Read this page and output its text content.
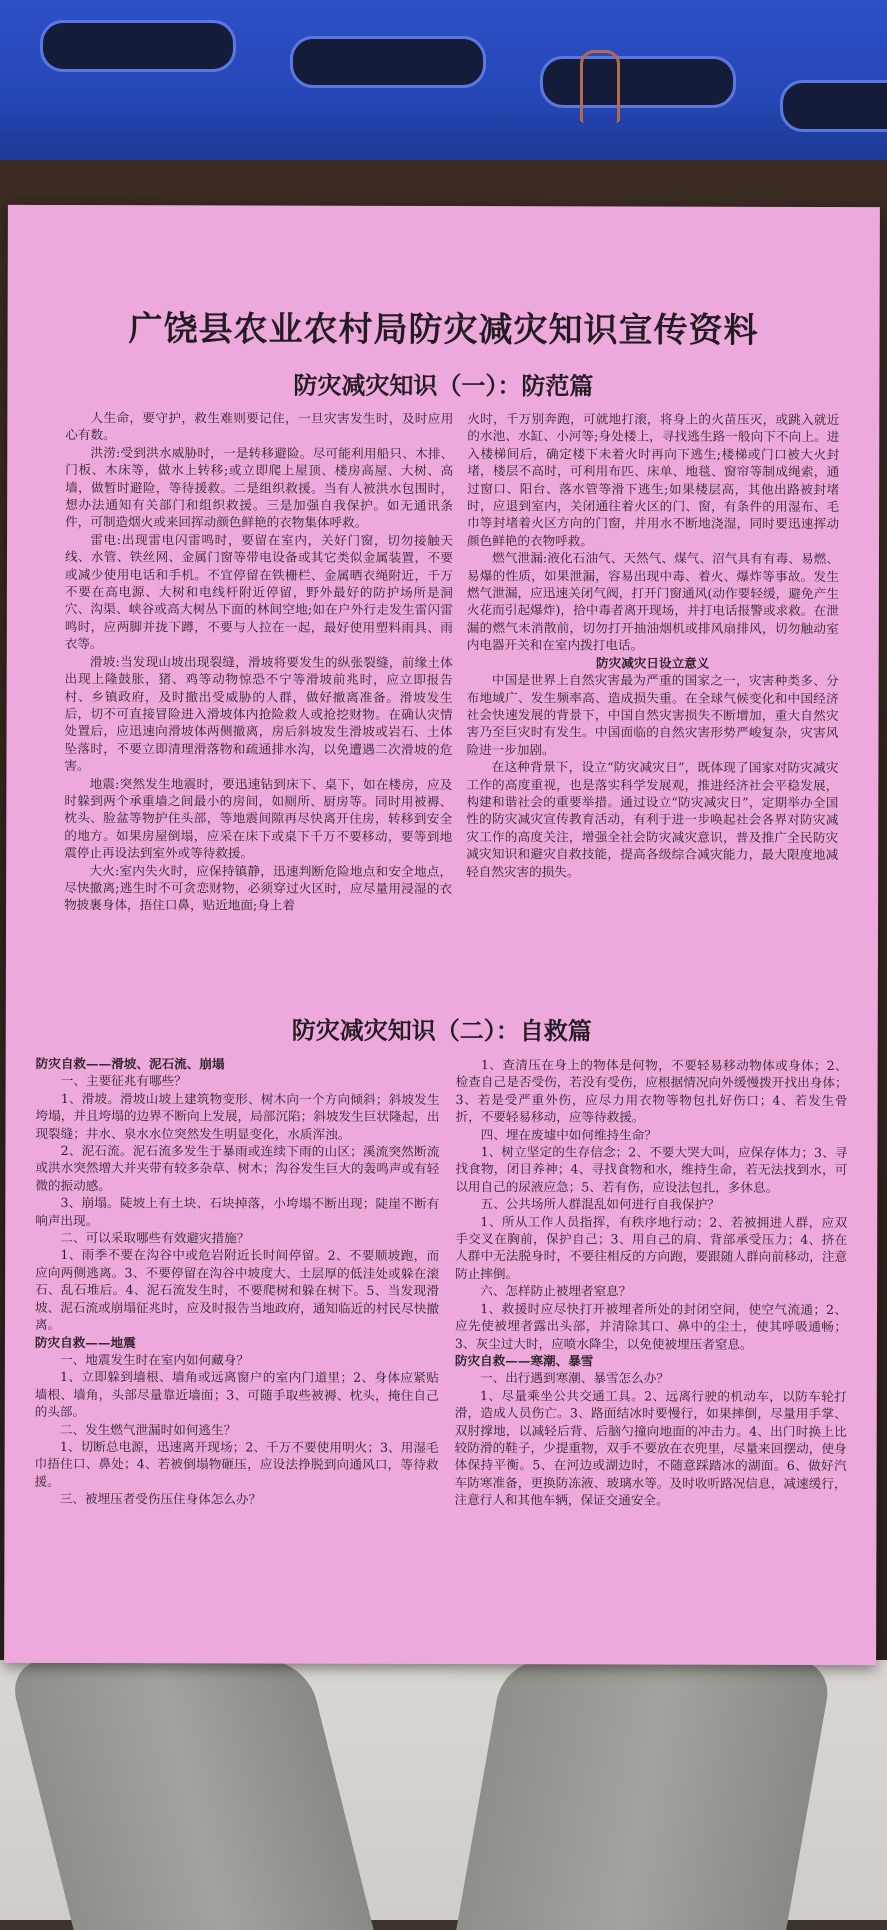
广饶县农业农村局防灾减灾知识宣传资料
防灾减灾知识（一）：防范篇

人生命，要守护，救生难则要记住，一旦灾害发生时，及时应用心有数。

洪涝:受到洪水威胁时，一是转移避险。尽可能利用船只、木排、门板、木床等，做水上转移;或立即爬上屋顶、楼房高屋、大树、高墙，做暂时避险，等待援救。二是组织救援。当有人被洪水包围时，想办法通知有关部门和组织救援。三是加强自我保护。如无通讯条件，可制造烟火或来回挥动颜色鲜艳的衣物集体呼救。

雷电:出现雷电闪雷鸣时，要留在室内，关好门窗，切勿接触天线、水管、铁丝网、金属门窗等带电设备或其它类似金属装置，不要或减少使用电话和手机。不宜停留在铁栅栏、金属晒衣绳附近，千万不要在高电源、大树和电线杆附近停留，野外最好的防护场所是洞穴、沟渠、峡谷或高大树丛下面的林间空地;如在户外行走发生雷闪雷鸣时，应两脚并拢下蹲，不要与人拉在一起，最好使用塑料雨具、雨衣等。

滑坡:当发现山坡出现裂缝，滑坡将要发生的纵张裂缝，前缘土体出现上隆鼓胀，猪、鸡等动物惊恐不宁等滑坡前兆时，应立即报告村、乡镇政府，及时撤出受威胁的人群，做好撤离准备。滑坡发生后，切不可直接冒险进入滑坡体内抢险救人或抢挖财物。在确认灾情处置后，应迅速向滑坡体两侧撤离，房后斜坡发生滑坡或岩石、土体坠落时，不要立即清理滑落物和疏通排水沟，以免遭遇二次滑坡的危害。

地震:突然发生地震时，要迅速钻到床下、桌下，如在楼房，应及时躲到两个承重墙之间最小的房间，如厕所、厨房等。同时用被褥、枕头、脸盆等物护住头部，等地震间隙再尽快离开住房，转移到安全的地方。如果房屋倒塌，应采在床下或桌下千万不要移动，要等到地震停止再设法到室外或等待救援。

大火:室内失火时，应保持镇静，迅速判断危险地点和安全地点，尽快撤离;逃生时不可贪恋财物，必须穿过火区时，应尽量用浸湿的衣物披裹身体，捂住口鼻，贴近地面;身上着

火时，千万别奔跑，可就地打滚，将身上的火苗压灭，或跳入就近的水池、水缸、小河等;身处楼上，寻找逃生路一般向下不向上。进入楼梯间后，确定楼下未着火时再向下逃生;楼梯或门口被大火封堵，楼层不高时，可利用布匹、床单、地毯、窗帘等制成绳索，通过窗口、阳台、落水管等滑下逃生;如果楼层高，其他出路被封堵时，应退到室内，关闭通往着火区的门、窗，有条件的用湿布、毛巾等封堵着火区方向的门窗，并用水不断地浇湿，同时要迅速挥动颜色鲜艳的衣物呼救。

燃气泄漏:液化石油气、天然气、煤气、沼气具有有毒、易燃、易爆的性质，如果泄漏，容易出现中毒、着火、爆炸等事故。发生燃气泄漏，应迅速关闭气阀，打开门窗通风(动作要轻缓，避免产生火花而引起爆炸)，拾中毒者离开现场，并打电话报警或求救。在泄漏的燃气未消散前，切勿打开抽油烟机或排风扇排风，切勿触动室内电器开关和在室内拨打电话。

防灾减灾日设立意义

中国是世界上自然灾害最为严重的国家之一，灾害种类多、分布地域广、发生频率高、造成损失重。在全球气候变化和中国经济社会快速发展的背景下，中国自然灾害损失不断增加，重大自然灾害乃至巨灾时有发生。中国面临的自然灾害形势严峻复杂，灾害风险进一步加剧。

在这种背景下，设立“防灾减灾日”，既体现了国家对防灾减灾工作的高度重视，也是落实科学发展观，推进经济社会平稳发展，构建和谐社会的重要举措。通过设立“防灾减灾日”，定期举办全国性的防灾减灾宣传教育活动，有利于进一步唤起社会各界对防灾减灾工作的高度关注，增强全社会防灾减灾意识，普及推广全民防灾减灾知识和避灾自救技能，提高各级综合减灾能力，最大限度地减轻自然灾害的损失。

防灾减灾知识（二）：自救篇

防灾自救——滑坡、泥石流、崩塌

一、主要征兆有哪些？

1、滑坡。滑坡山坡上建筑物变形、树木向一个方向倾斜；斜坡发生垮塌，并且垮塌的边界不断向上发展，局部沉陷；斜坡发生巨状隆起，出现裂缝；井水、泉水水位突然发生明显变化，水质浑浊。

2、泥石流。泥石流多发生于暴雨或连续下雨的山区；溪流突然断流或洪水突然增大并夹带有较多杂草、树木；沟谷发生巨大的轰鸣声或有轻微的振动感。

3、崩塌。陡坡上有土块、石块掉落，小垮塌不断出现；陡崖不断有响声出现。

二、可以采取哪些有效避灾措施？

1、雨季不要在沟谷中或危岩附近长时间停留。2、不要顺坡跑，而应向两侧逃离。3、不要停留在沟谷中坡度大、土层厚的低洼处或躲在滚石、乱石堆后。4、泥石流发生时，不要爬树和躲在树下。5、当发现滑坡、泥石流或崩塌征兆时，应及时报告当地政府，通知临近的村民尽快撤离。

防灾自救——地震

一、地震发生时在室内如何藏身？

1、立即躲到墙根、墙角或远离窗户的室内门道里；2、身体应紧贴墙根、墙角，头部尽量靠近墙面；3、可随手取些被褥、枕头，掩住自己的头部。

二、发生燃气泄漏时如何逃生？

1、切断总电源，迅速离开现场；2、千万不要使用明火；3、用湿毛巾捂住口、鼻处；4、若被倒塌物砸压，应设法挣脱到向通风口，等待救援。

三、被埋压者受伤压住身体怎么办？

1、查清压在身上的物体是何物，不要轻易移动物体或身体；2、检查自己是否受伤，若没有受伤，应根据情况向外缓慢拨开找出身体；3、若是受严重外伤，应尽力用衣物等物包扎好伤口；4、若发生骨折，不要轻易移动，应等待救援。

四、埋在废墟中如何维持生命？

1、树立坚定的生存信念；2、不要大哭大叫，应保存体力；3、寻找食物，闭目养神；4、寻找食物和水，维持生命，若无法找到水，可以用自己的尿液应急；5、若有伤，应设法包扎，多休息。

五、公共场所人群混乱如何进行自我保护？

1、所从工作人员指挥，有秩序地行动；2、若被拥进人群，应双手交叉在胸前，保护自己；3、用自己的肩、背部承受压力；4、挤在人群中无法脱身时，不要往相反的方向跑，要跟随人群向前移动，注意防止摔倒。

六、怎样防止被埋者窒息？

1、救援时应尽快打开被埋者所处的封闭空间，使空气流通；2、应先使被埋者露出头部，并清除其口、鼻中的尘土，使其呼吸通畅；3、灰尘过大时，应喷水降尘，以免使被埋压者窒息。

防灾自救——寒潮、暴雪

一、出行遇到寒潮、暴雪怎么办？

1、尽量乘坐公共交通工具。2、远离行驶的机动车，以防车轮打滑，造成人员伤亡。3、路面结冰时要慢行，如果摔倒，尽量用手掌、双肘撑地，以减轻后背、后脑勺撞向地面的冲击力。4、出门时换上比较防滑的鞋子，少提重物，双手不要放在衣兜里，尽量来回摆动，使身体保持平衡。5、在河边或湖边时，不随意踩踏冰的湖面。6、做好汽车防寒准备，更换防冻液、玻璃水等。及时收听路况信息，减速缓行，注意行人和其他车辆，保证交通安全。
